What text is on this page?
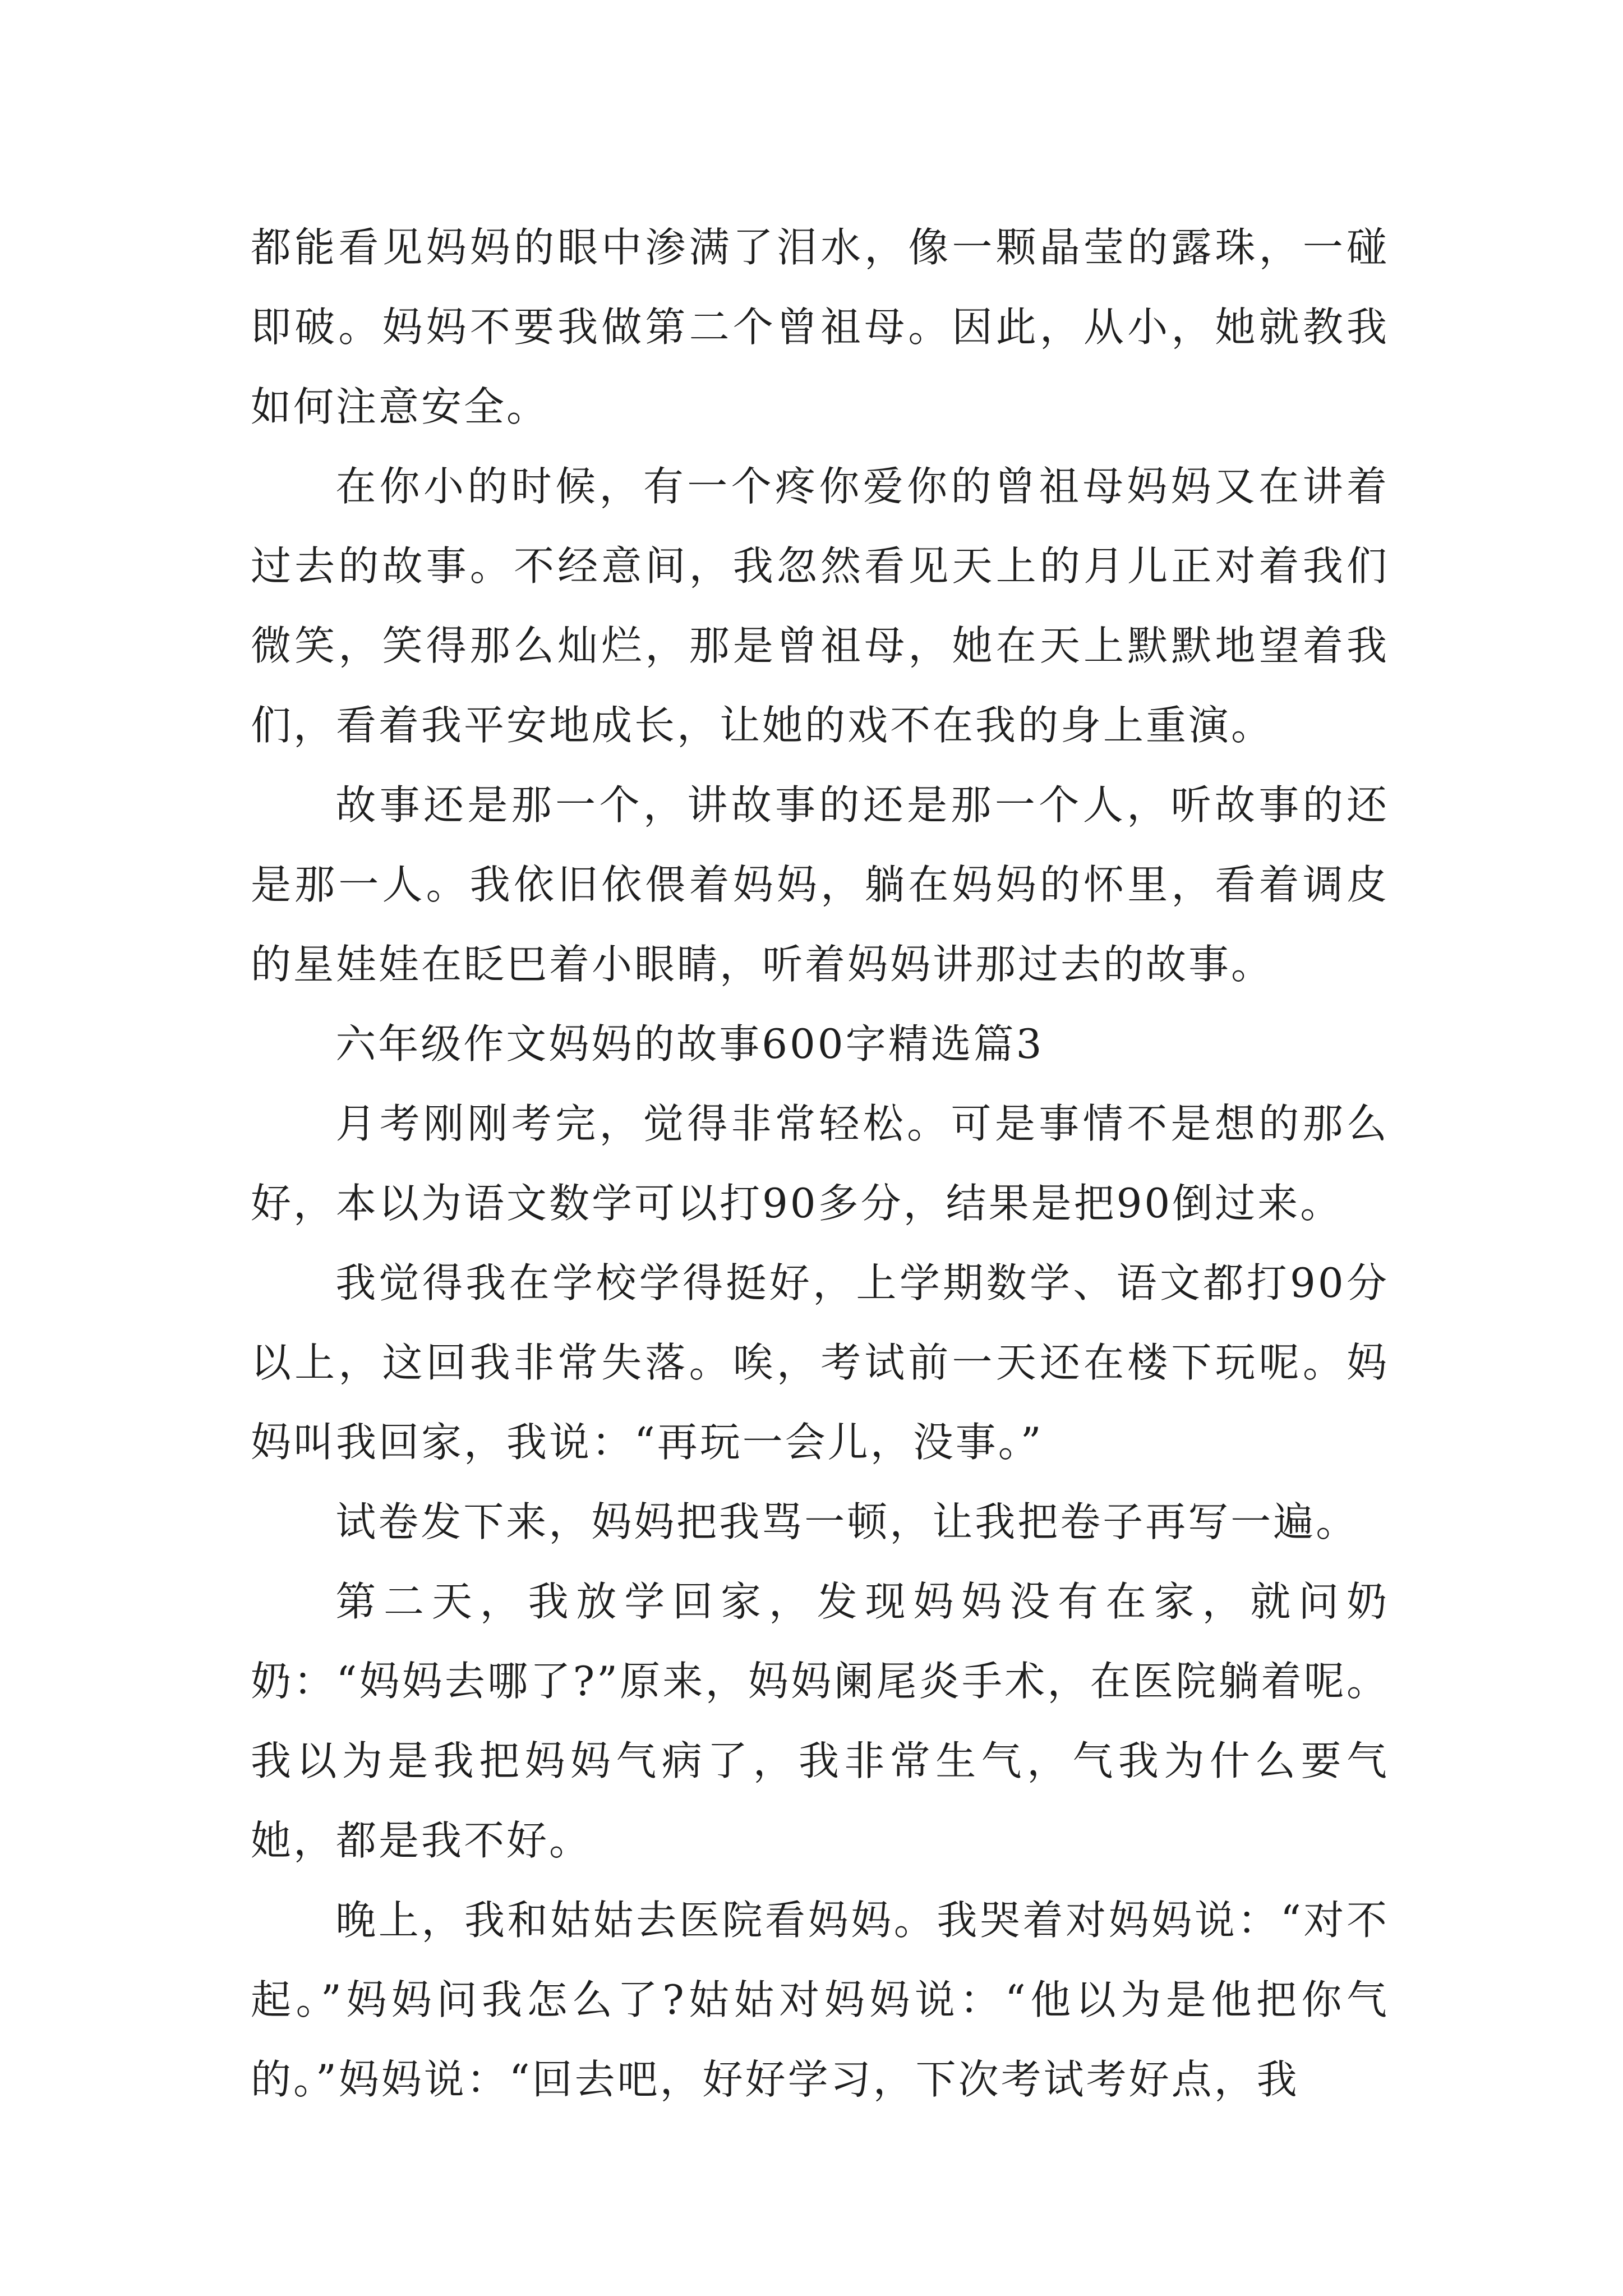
都能看见妈妈的眼中渗满了泪水，像一颗晶莹的露珠，一碰即破。妈妈不要我做第二个曾祖母。因此，从小，她就教我如何注意安全。

在你小的时候，有一个疼你爱你的曾祖母妈妈又在讲着过去的故事。不经意间，我忽然看见天上的月儿正对着我们微笑，笑得那么灿烂，那是曾祖母，她在天上默默地望着我们，看着我平安地成长，让她的戏不在我的身上重演。

故事还是那一个，讲故事的还是那一个人，听故事的还是那一人。我依旧依偎着妈妈，躺在妈妈的怀里，看着调皮的星娃娃在眨巴着小眼睛，听着妈妈讲那过去的故事。

六年级作文妈妈的故事600字精选篇3

月考刚刚考完，觉得非常轻松。可是事情不是想的那么好，本以为语文数学可以打90多分，结果是把90倒过来。

我觉得我在学校学得挺好，上学期数学、语文都打90分以上，这回我非常失落。唉，考试前一天还在楼下玩呢。妈妈叫我回家，我说：“再玩一会儿，没事。”

试卷发下来，妈妈把我骂一顿，让我把卷子再写一遍。

第二天，我放学回家，发现妈妈没有在家，就问奶奶：“妈妈去哪了?”原来，妈妈阑尾炎手术，在医院躺着呢。我以为是我把妈妈气病了，我非常生气，气我为什么要气她，都是我不好。

晚上，我和姑姑去医院看妈妈。我哭着对妈妈说：“对不起。”妈妈问我怎么了?姑姑对妈妈说：“他以为是他把你气的。”妈妈说：“回去吧，好好学习，下次考试考好点，我
